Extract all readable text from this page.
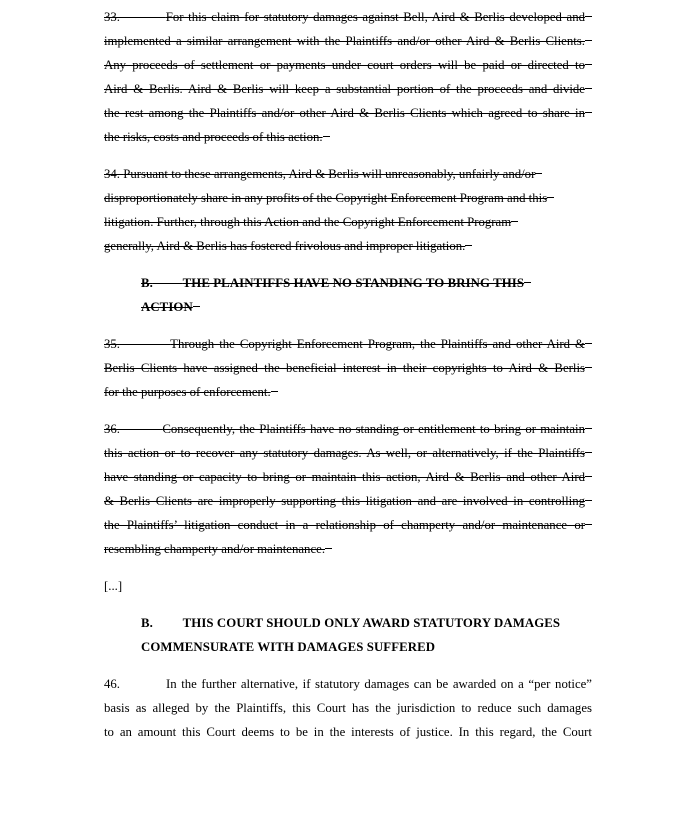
33.	For this claim for statutory damages against Bell, Aird & Berlis developed and
implemented a similar arrangement with the Plaintiffs and/or other Aird & Berlis Clients.
Any proceeds of settlement or payments under court orders will be paid or directed to
Aird & Berlis. Aird & Berlis will keep a substantial portion of the proceeds and divide
the rest among the Plaintiffs and/or other Aird & Berlis Clients which agreed to share in
the risks, costs and proceeds of this action.
34. Pursuant to these arrangements, Aird & Berlis will unreasonably, unfairly and/or
disproportionately share in any profits of the Copyright Enforcement Program and this
litigation. Further, through this Action and the Copyright Enforcement Program
generally, Aird & Berlis has fostered frivolous and improper litigation.
B. THE PLAINTIFFS HAVE NO STANDING TO BRING THIS
ACTION
35.	Through the Copyright Enforcement Program, the Plaintiffs and other Aird &
Berlis Clients have assigned the beneficial interest in their copyrights to Aird & Berlis
for the purposes of enforcement.
36.	Consequently, the Plaintiffs have no standing or entitlement to bring or maintain
this action or to recover any statutory damages. As well, or alternatively, if the Plaintiffs
have standing or capacity to bring or maintain this action, Aird & Berlis and other Aird
& Berlis Clients are improperly supporting this litigation and are involved in controlling
the Plaintiffs’ litigation conduct in a relationship of champerty and/or maintenance or
resembling champerty and/or maintenance.
[...]
B. THIS COURT SHOULD ONLY AWARD STATUTORY DAMAGES
COMMENSURATE WITH DAMAGES SUFFERED
46.	In the further alternative, if statutory damages can be awarded on a “per notice”
basis as alleged by the Plaintiffs, this Court has the jurisdiction to reduce such damages
to an amount this Court deems to be in the interests of justice. In this regard, the Court
